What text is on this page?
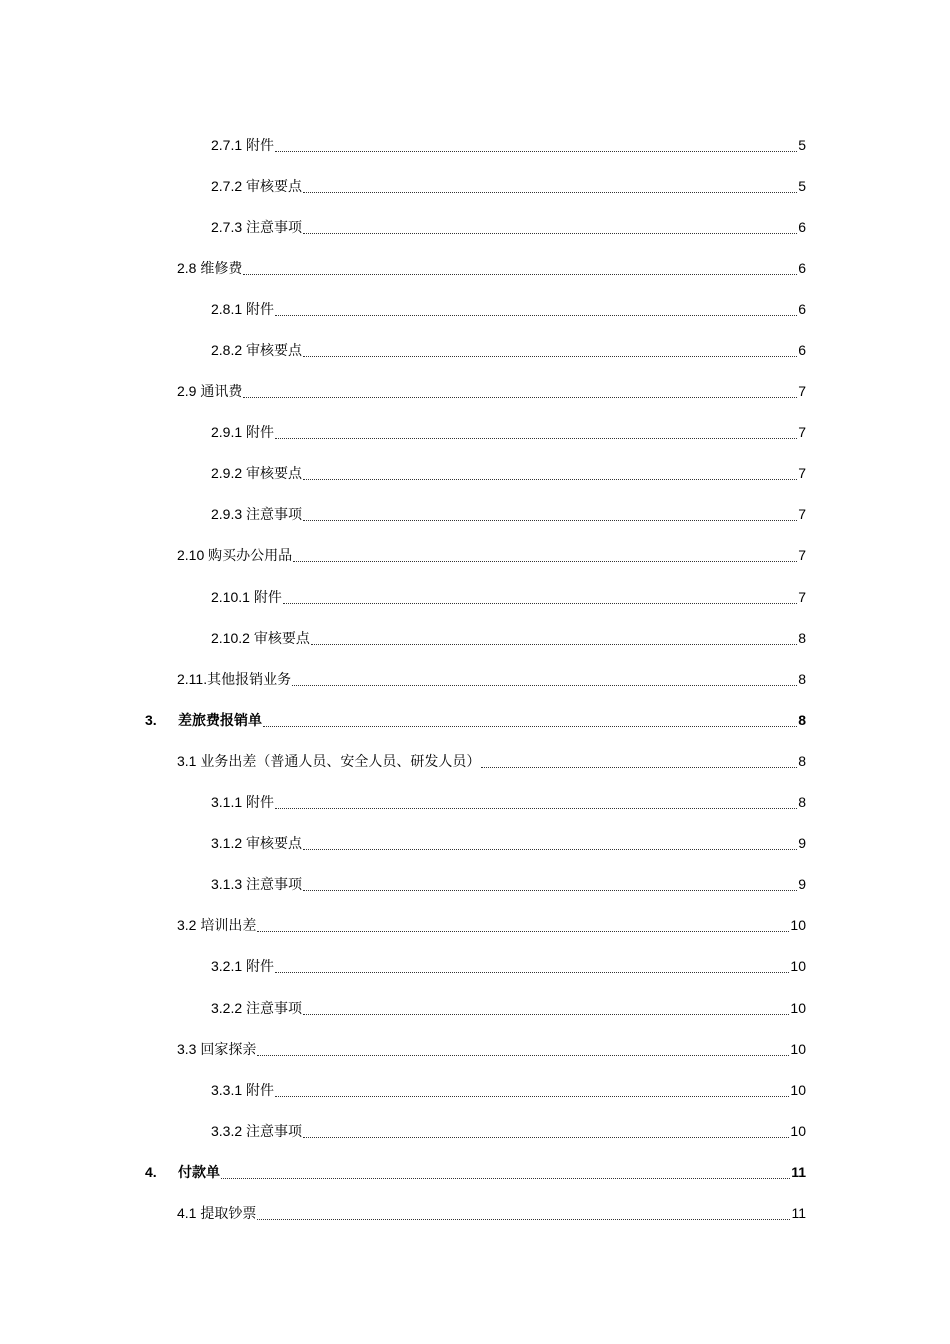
2.7.1 附件	5
2.7.2 审核要点	5
2.7.3 注意事项	6
2.8 维修费	6
2.8.1 附件	6
2.8.2 审核要点	6
2.9 通讯费	7
2.9.1 附件	7
2.9.2 审核要点	7
2.9.3 注意事项	7
2.10 购买办公用品	7
2.10.1 附件	7
2.10.2 审核要点	8
2.11.其他报销业务	8
3.	差旅费报销单	8
3.1 业务出差（普通人员、安全人员、研发人员）	8
3.1.1 附件	8
3.1.2 审核要点	9
3.1.3 注意事项	9
3.2 培训出差	10
3.2.1 附件	10
3.2.2 注意事项	10
3.3 回家探亲	10
3.3.1 附件	10
3.3.2 注意事项	10
4.	付款单	11
4.1 提取钞票	11
